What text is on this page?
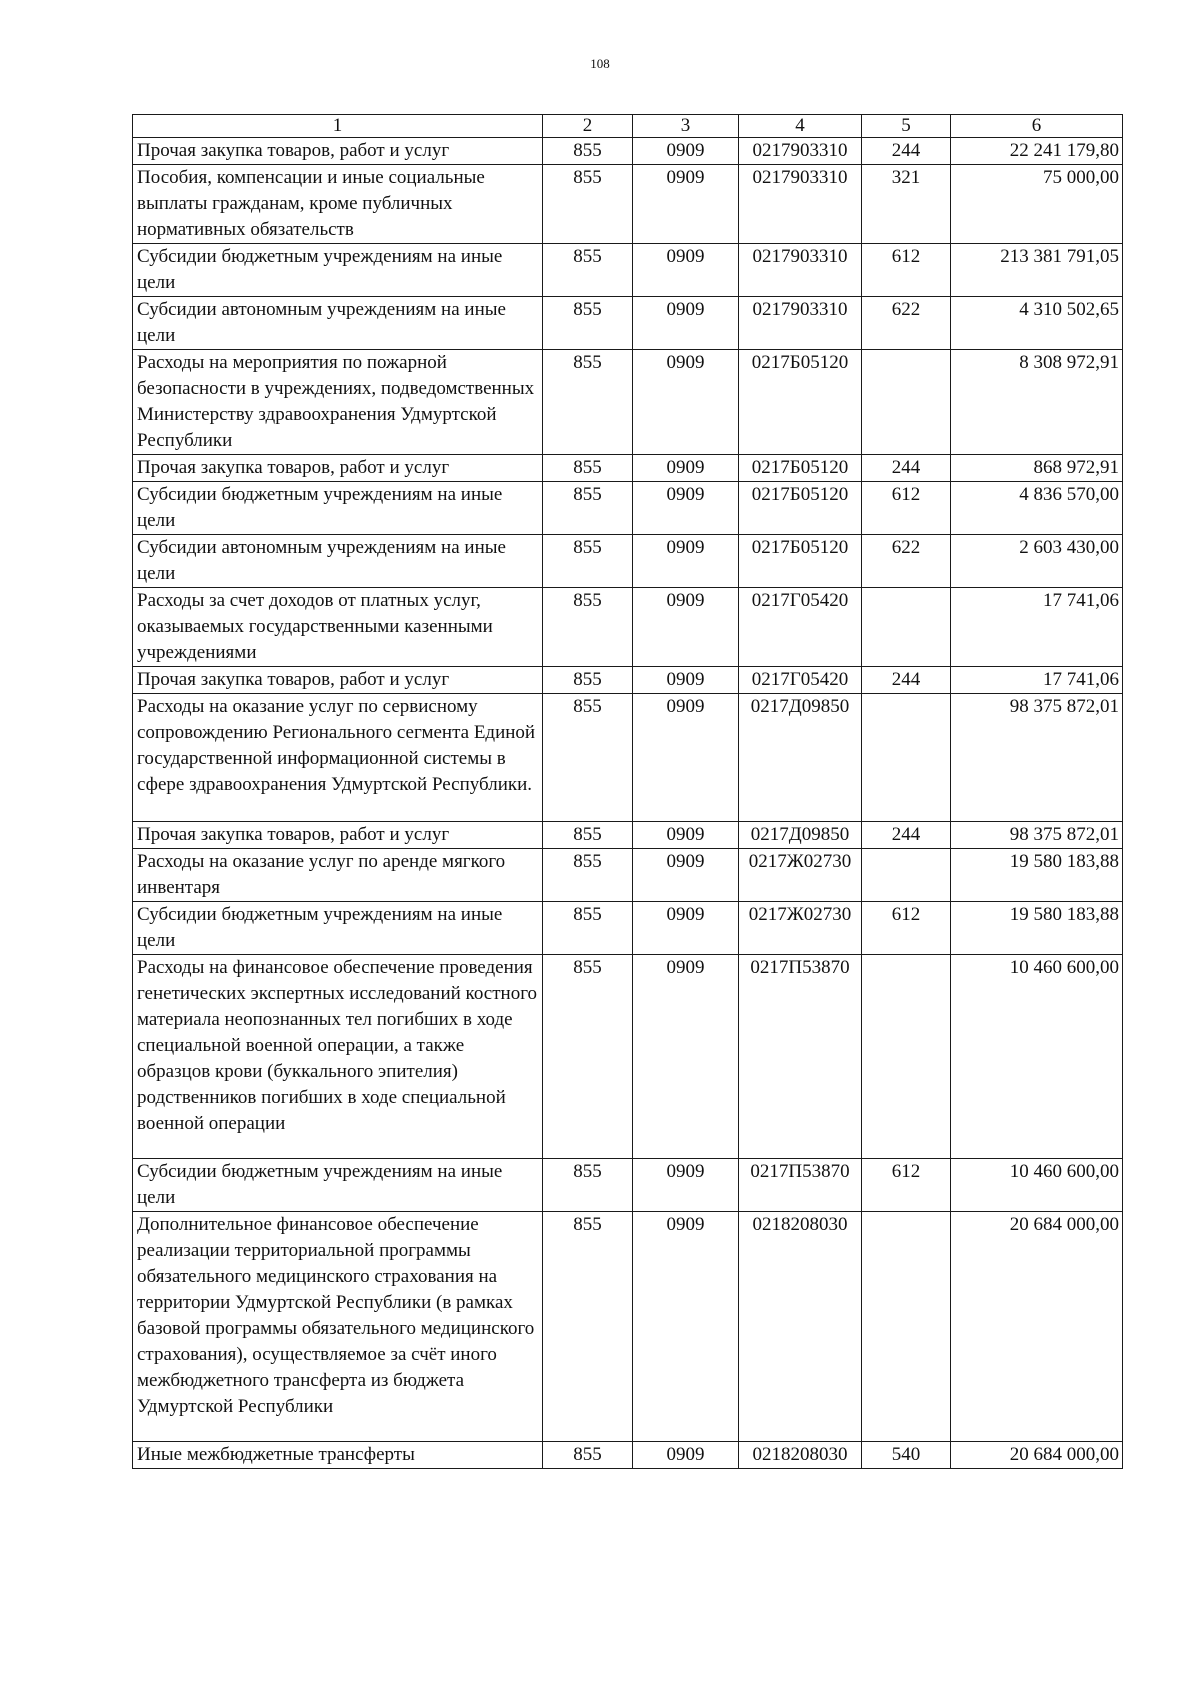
108
1	2	3	4	5	6
Прочая закупка товаров, работ и услуг	855	0909	0217903310	244	22 241 179,80
Пособия, компенсации и иные социальные выплаты гражданам, кроме публичных нормативных обязательств	855	0909	0217903310	321	75 000,00
Субсидии бюджетным учреждениям на иные цели	855	0909	0217903310	612	213 381 791,05
Субсидии автономным учреждениям на иные цели	855	0909	0217903310	622	4 310 502,65
Расходы на мероприятия по пожарной безопасности в учреждениях, подведомственных Министерству здравоохранения Удмуртской Республики	855	0909	0217Б05120		8 308 972,91
Прочая закупка товаров, работ и услуг	855	0909	0217Б05120	244	868 972,91
Субсидии бюджетным учреждениям на иные цели	855	0909	0217Б05120	612	4 836 570,00
Субсидии автономным учреждениям на иные цели	855	0909	0217Б05120	622	2 603 430,00
Расходы за счет доходов от платных услуг, оказываемых государственными казенными учреждениями	855	0909	0217Г05420		17 741,06
Прочая закупка товаров, работ и услуг	855	0909	0217Г05420	244	17 741,06
Расходы на оказание услуг по сервисному сопровождению Регионального сегмента Единой государственной информационной системы в сфере здравоохранения Удмуртской Республики.	855	0909	0217Д09850		98 375 872,01
Прочая закупка товаров, работ и услуг	855	0909	0217Д09850	244	98 375 872,01
Расходы на оказание услуг по аренде мягкого инвентаря	855	0909	0217Ж02730		19 580 183,88
Субсидии бюджетным учреждениям на иные цели	855	0909	0217Ж02730	612	19 580 183,88
Расходы на финансовое обеспечение проведения генетических экспертных исследований костного материала неопознанных тел погибших в ходе специальной военной операции, а также образцов крови (буккального эпителия) родственников погибших в ходе специальной военной операции	855	0909	0217П53870		10 460 600,00
Субсидии бюджетным учреждениям на иные цели	855	0909	0217П53870	612	10 460 600,00
Дополнительное финансовое обеспечение реализации территориальной программы обязательного медицинского страхования на территории Удмуртской Республики (в рамках базовой программы обязательного медицинского страхования), осуществляемое за счёт иного межбюджетного трансферта из бюджета Удмуртской Республики	855	0909	0218208030		20 684 000,00
Иные межбюджетные трансферты	855	0909	0218208030	540	20 684 000,00
